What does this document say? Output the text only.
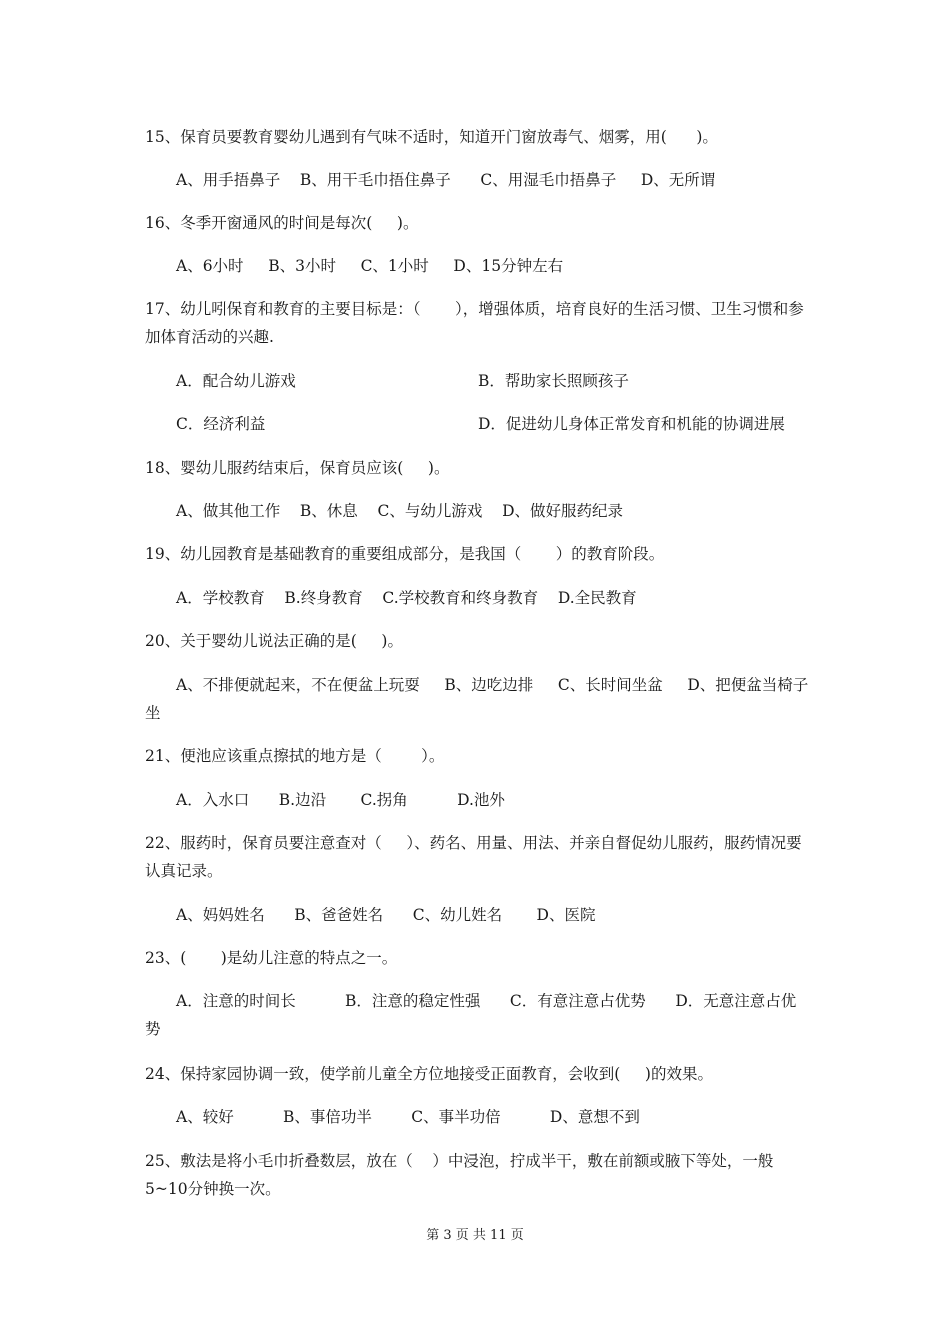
15、保育员要教育婴幼儿遇到有气味不适时，知道开门窗放毒气、烟雾，用(      )。
A、用手捂鼻子    B、用干毛巾捂住鼻子      C、用湿毛巾捂鼻子     D、无所谓
16、冬季开窗通风的时间是每次(     )。
A、6小时     B、3小时     C、1小时     D、15分钟左右
17、幼儿吲保育和教育的主要目标是：（       ），增强体质，培育良好的生活习惯、卫生习惯和参加体育活动的兴趣.
A．配合幼儿游戏	B．帮助家长照顾孩子
C．经济利益	D．促进幼儿身体正常发育和机能的协调进展
18、婴幼儿服药结束后，保育员应该(     )。
A、做其他工作    B、休息    C、与幼儿游戏    D、做好服药纪录
19、幼儿园教育是基础教育的重要组成部分，是我国（       ）的教育阶段。
A．学校教育    B.终身教育    C.学校教育和终身教育    D.全民教育
20、关于婴幼儿说法正确的是(     )。
A、不排便就起来，不在便盆上玩耍     B、边吃边排     C、长时间坐盆     D、把便盆当椅子坐
21、便池应该重点擦拭的地方是（        ）。
A．入水口      B.边沿       C.拐角          D.池外
22、服药时，保育员要注意查对（     ）、药名、用量、用法、并亲自督促幼儿服药，服药情况要认真记录。
A、妈妈姓名      B、爸爸姓名      C、幼儿姓名       D、医院
23、(       )是幼儿注意的特点之一。
A．注意的时间长          B．注意的稳定性强      C．有意注意占优势      D．无意注意占优势
24、保持家园协调一致，使学前儿童全方位地接受正面教育，会收到(     )的效果。
A、较好          B、事倍功半        C、事半功倍          D、意想不到
25、敷法是将小毛巾折叠数层，放在（    ）中浸泡，拧成半干，敷在前额或腋下等处，一般5~10分钟换一次。
第 3 页 共 11 页
